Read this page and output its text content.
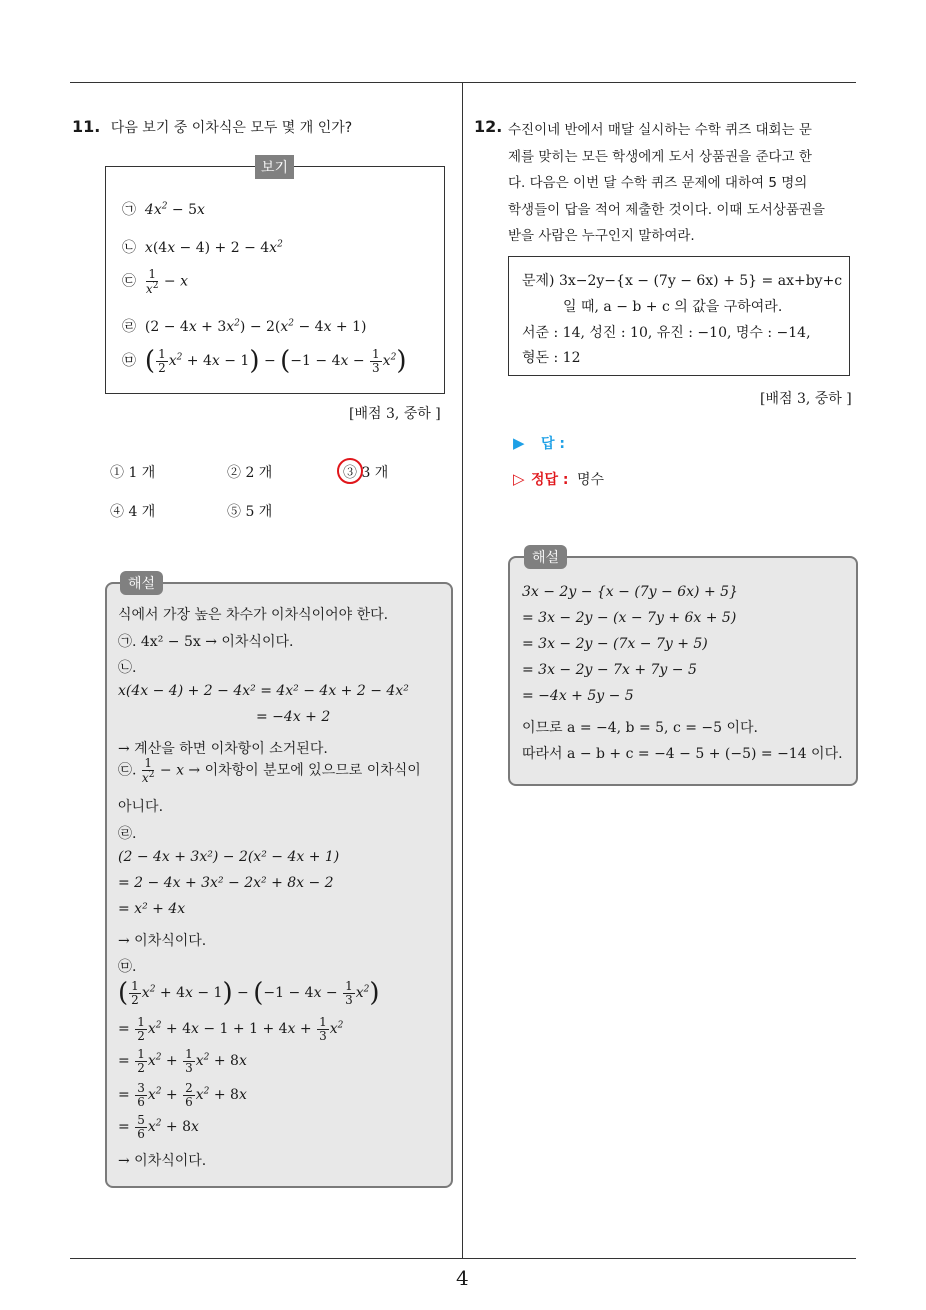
4
11. 다음 보기 중 이차식은 모두 몇 개 인가?
보기
㉠ $4x^2 - 5x$
㉡ $x(4x - 4) + 2 - 4x^2$
㉢ $\frac{1}{x^2} - x$
㉣  $(2 - 4x + 3x^2) - 2(x^2 - 4x + 1)$
㉤ ( $\frac{1}{2} x^2 + 4x - 1) - (-1 - 4x - \frac{1}{3} x^2)$
[배점 3, 중하 ]
① 1 개	② 2 개	③ 3 개
④ 4 개	⑤ 5 개
해설
식에서 가장 높은 차수가 이차식이어야 한다.
㉠. 4x² − 5x → 이차식이다.
㉡.
x(4x − 4) + 2 − 4x² = 4x² − 4x + 2 − 4x²
= −4x + 2
→ 계산을 하면 이차항이 소거된다.
㉢. $\frac{1}{x^2} - x$ → 이차항이 분모에 있으므로 이차식이
아니다.
㉣.
(2 − 4x + 3x²) − 2(x² − 4x + 1)
= 2 − 4x + 3x² − 2x² + 8x − 2
= x² + 4x
→ 이차식이다.
㉤.
( $\frac{1}{2} x^2 + 4x - 1) - (-1 - 4x - \frac{1}{3} x^2)$
= $\frac{1}{2} x^2 + 4x - 1 + 1 + 4x + \frac{1}{3} x^2$
= $\frac{1}{2} x^2 + \frac{1}{3} x^2 + 8x$
= $\frac{3}{6} x^2 + \frac{2}{6} x^2 + 8x$
= $\frac{5}{6} x^2 + 8x$
→ 이차식이다.
12. 수진이네 반에서 매달 실시하는 수학 퀴즈 대회는 문
제를 맞히는 모든 학생에게 도서 상품권을 준다고 한
다. 다음은 이번 달 수학 퀴즈 문제에 대하여 5 명의
학생들이 답을 적어 제출한 것이다. 이때 도서상품권을
받을 사람은 누구인지 말하여라.
문제) 3x−2y−{x − (7y − 6x) + 5} = ax+by+c
일 때, a − b + c 의 값을 구하여라.
서준 : 14, 성진 : 10, 유진 : −10, 명수 : −14,
형돈 : 12
[배점 3, 중하 ]
▶ 답 :
▷ 정답 : 명수
해설
3x − 2y − {x − (7y − 6x) + 5}
= 3x − 2y − (x − 7y + 6x + 5)
= 3x − 2y − (7x − 7y + 5)
= 3x − 2y − 7x + 7y − 5
= −4x + 5y − 5
이므로 a = −4, b = 5, c = −5 이다.
따라서 a − b + c = −4 − 5 + (−5) = −14 이다.
